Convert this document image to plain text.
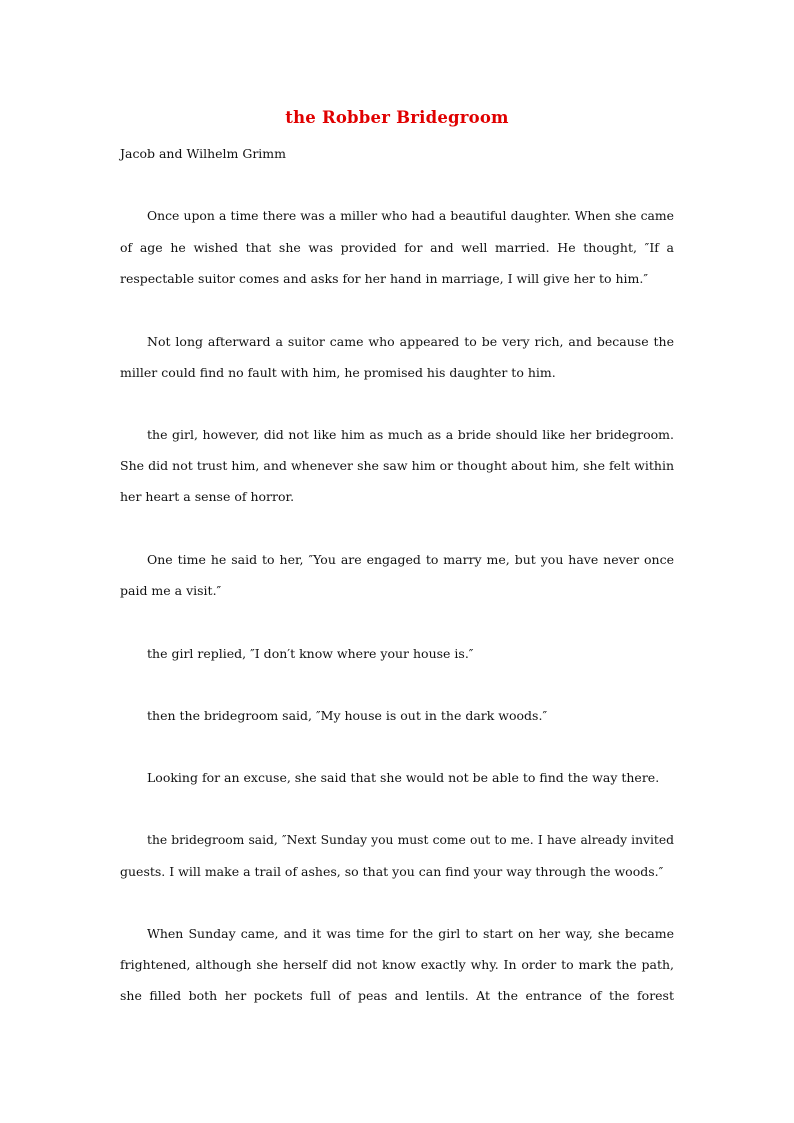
the Robber Bridegroom
Jacob and Wilhelm Grimm
Once upon a time there was a miller who had a beautiful daughter. When she came
of age he wished that she was provided for and well married. He thought, ″If a
respectable suitor comes and asks for her hand in marriage, I will give her to him.″
Not long afterward a suitor came who appeared to be very rich, and because the
miller could find no fault with him, he promised his daughter to him.
the girl, however, did not like him as much as a bride should like her bridegroom.
She did not trust him, and whenever she saw him or thought about him, she felt within
her heart a sense of horror.
One time he said to her, ″You are engaged to marry me, but you have never once
paid me a visit.″
the girl replied, ″I don′t know where your house is.″
then the bridegroom said, ″My house is out in the dark woods.″
Looking for an excuse, she said that she would not be able to find the way there.
the bridegroom said, ″Next Sunday you must come out to me. I have already invited
guests. I will make a trail of ashes, so that you can find your way through the woods.″
When Sunday came, and it was time for the girl to start on her way, she became
frightened, although she herself did not know exactly why. In order to mark the path,
she filled both her pockets full of peas and lentils. At the entrance of the forest
